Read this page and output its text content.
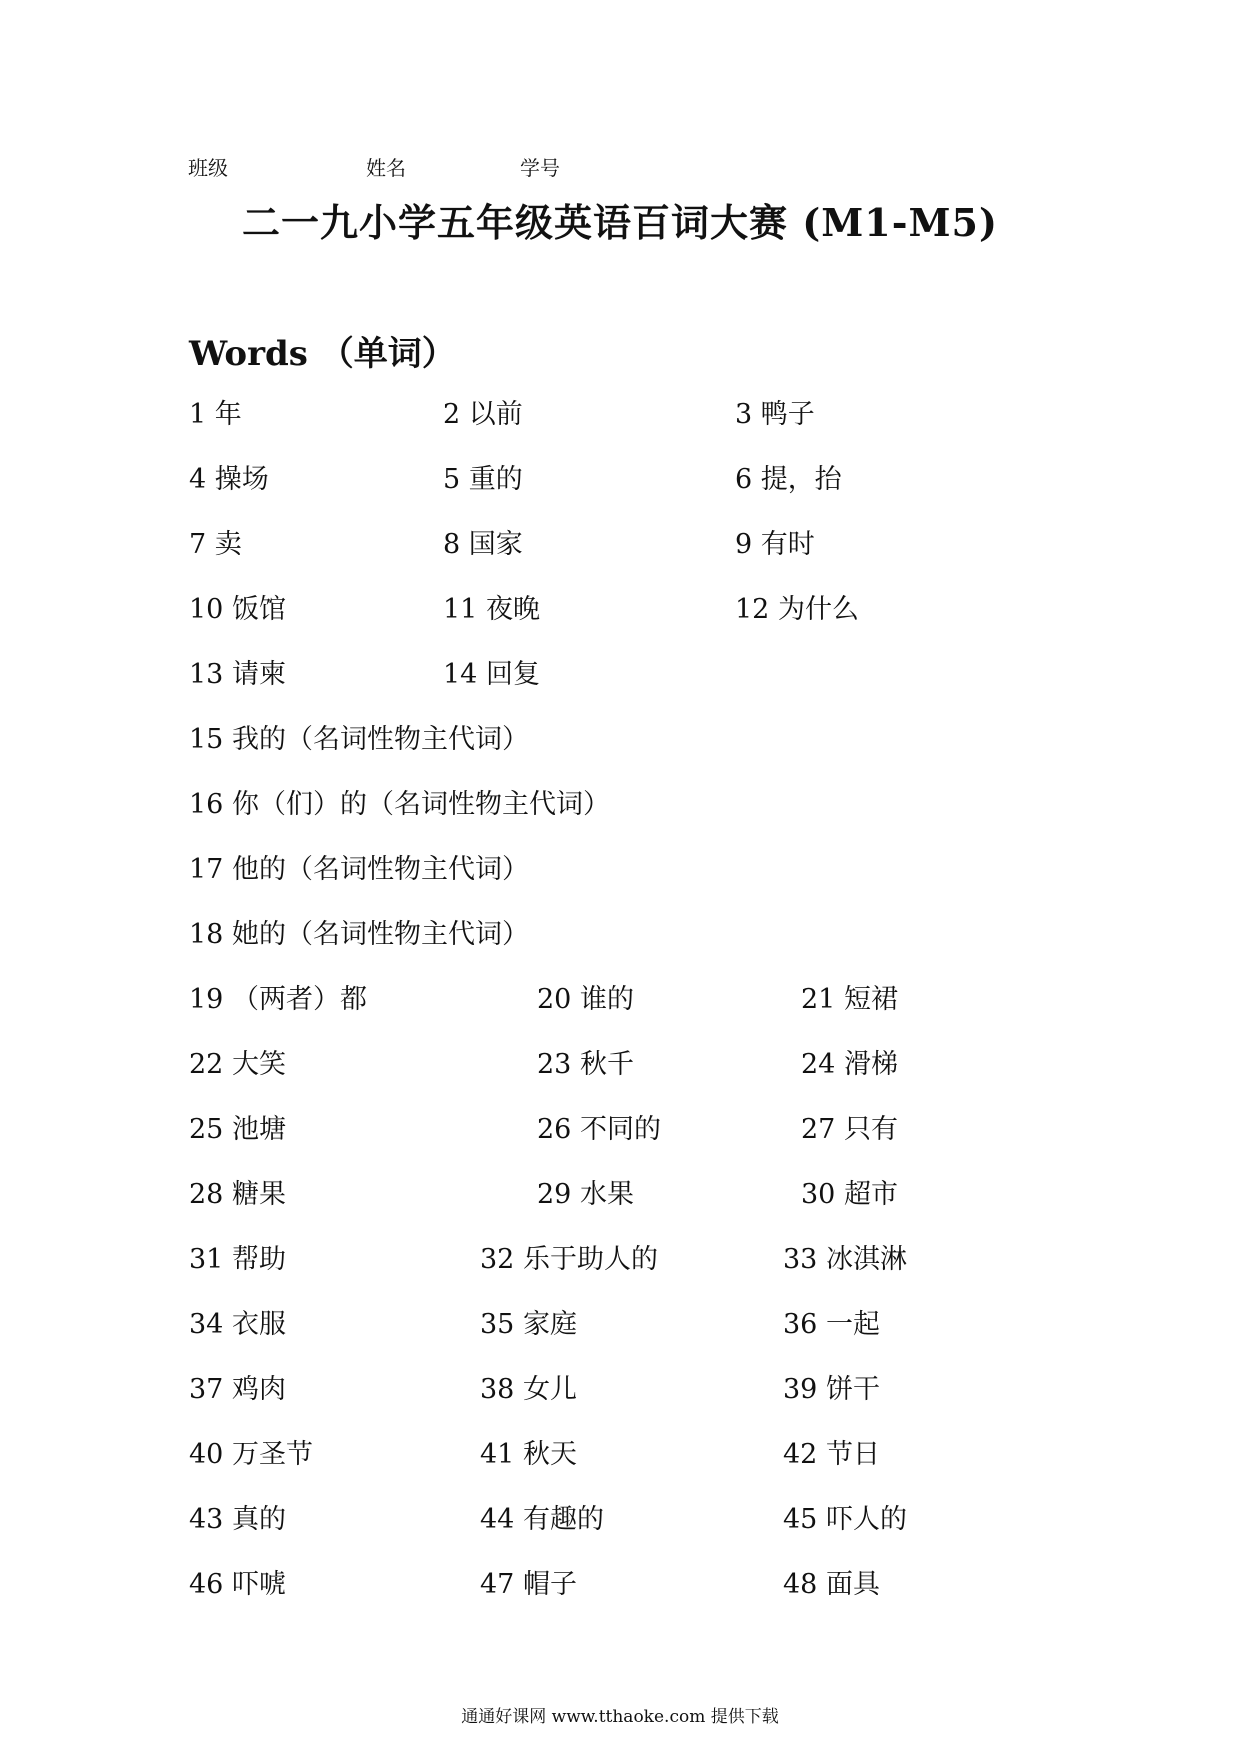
班级	姓名	学号
二一九小学五年级英语百词大赛 (M1-M5)
Words （单词）
1 年	2 以前	3 鸭子
4 操场	5 重的	6 提，抬
7 卖	8 国家	9 有时
10 饭馆	11 夜晚	12 为什么
13 请柬	14 回复
15 我的（名词性物主代词）
16 你（们）的（名词性物主代词）
17 他的（名词性物主代词）
18 她的（名词性物主代词）
19 （两者）都	20 谁的	21 短裙
22 大笑	23 秋千	24 滑梯
25 池塘	26 不同的	27 只有
28 糖果	29 水果	30 超市
31 帮助	32 乐于助人的	33 冰淇淋
34 衣服	35 家庭	36 一起
37 鸡肉	38 女儿	39 饼干
40 万圣节	41 秋天	42 节日
43 真的	44 有趣的	45 吓人的
46 吓唬	47 帽子	48 面具
通通好课网 www.tthaoke.com 提供下载
